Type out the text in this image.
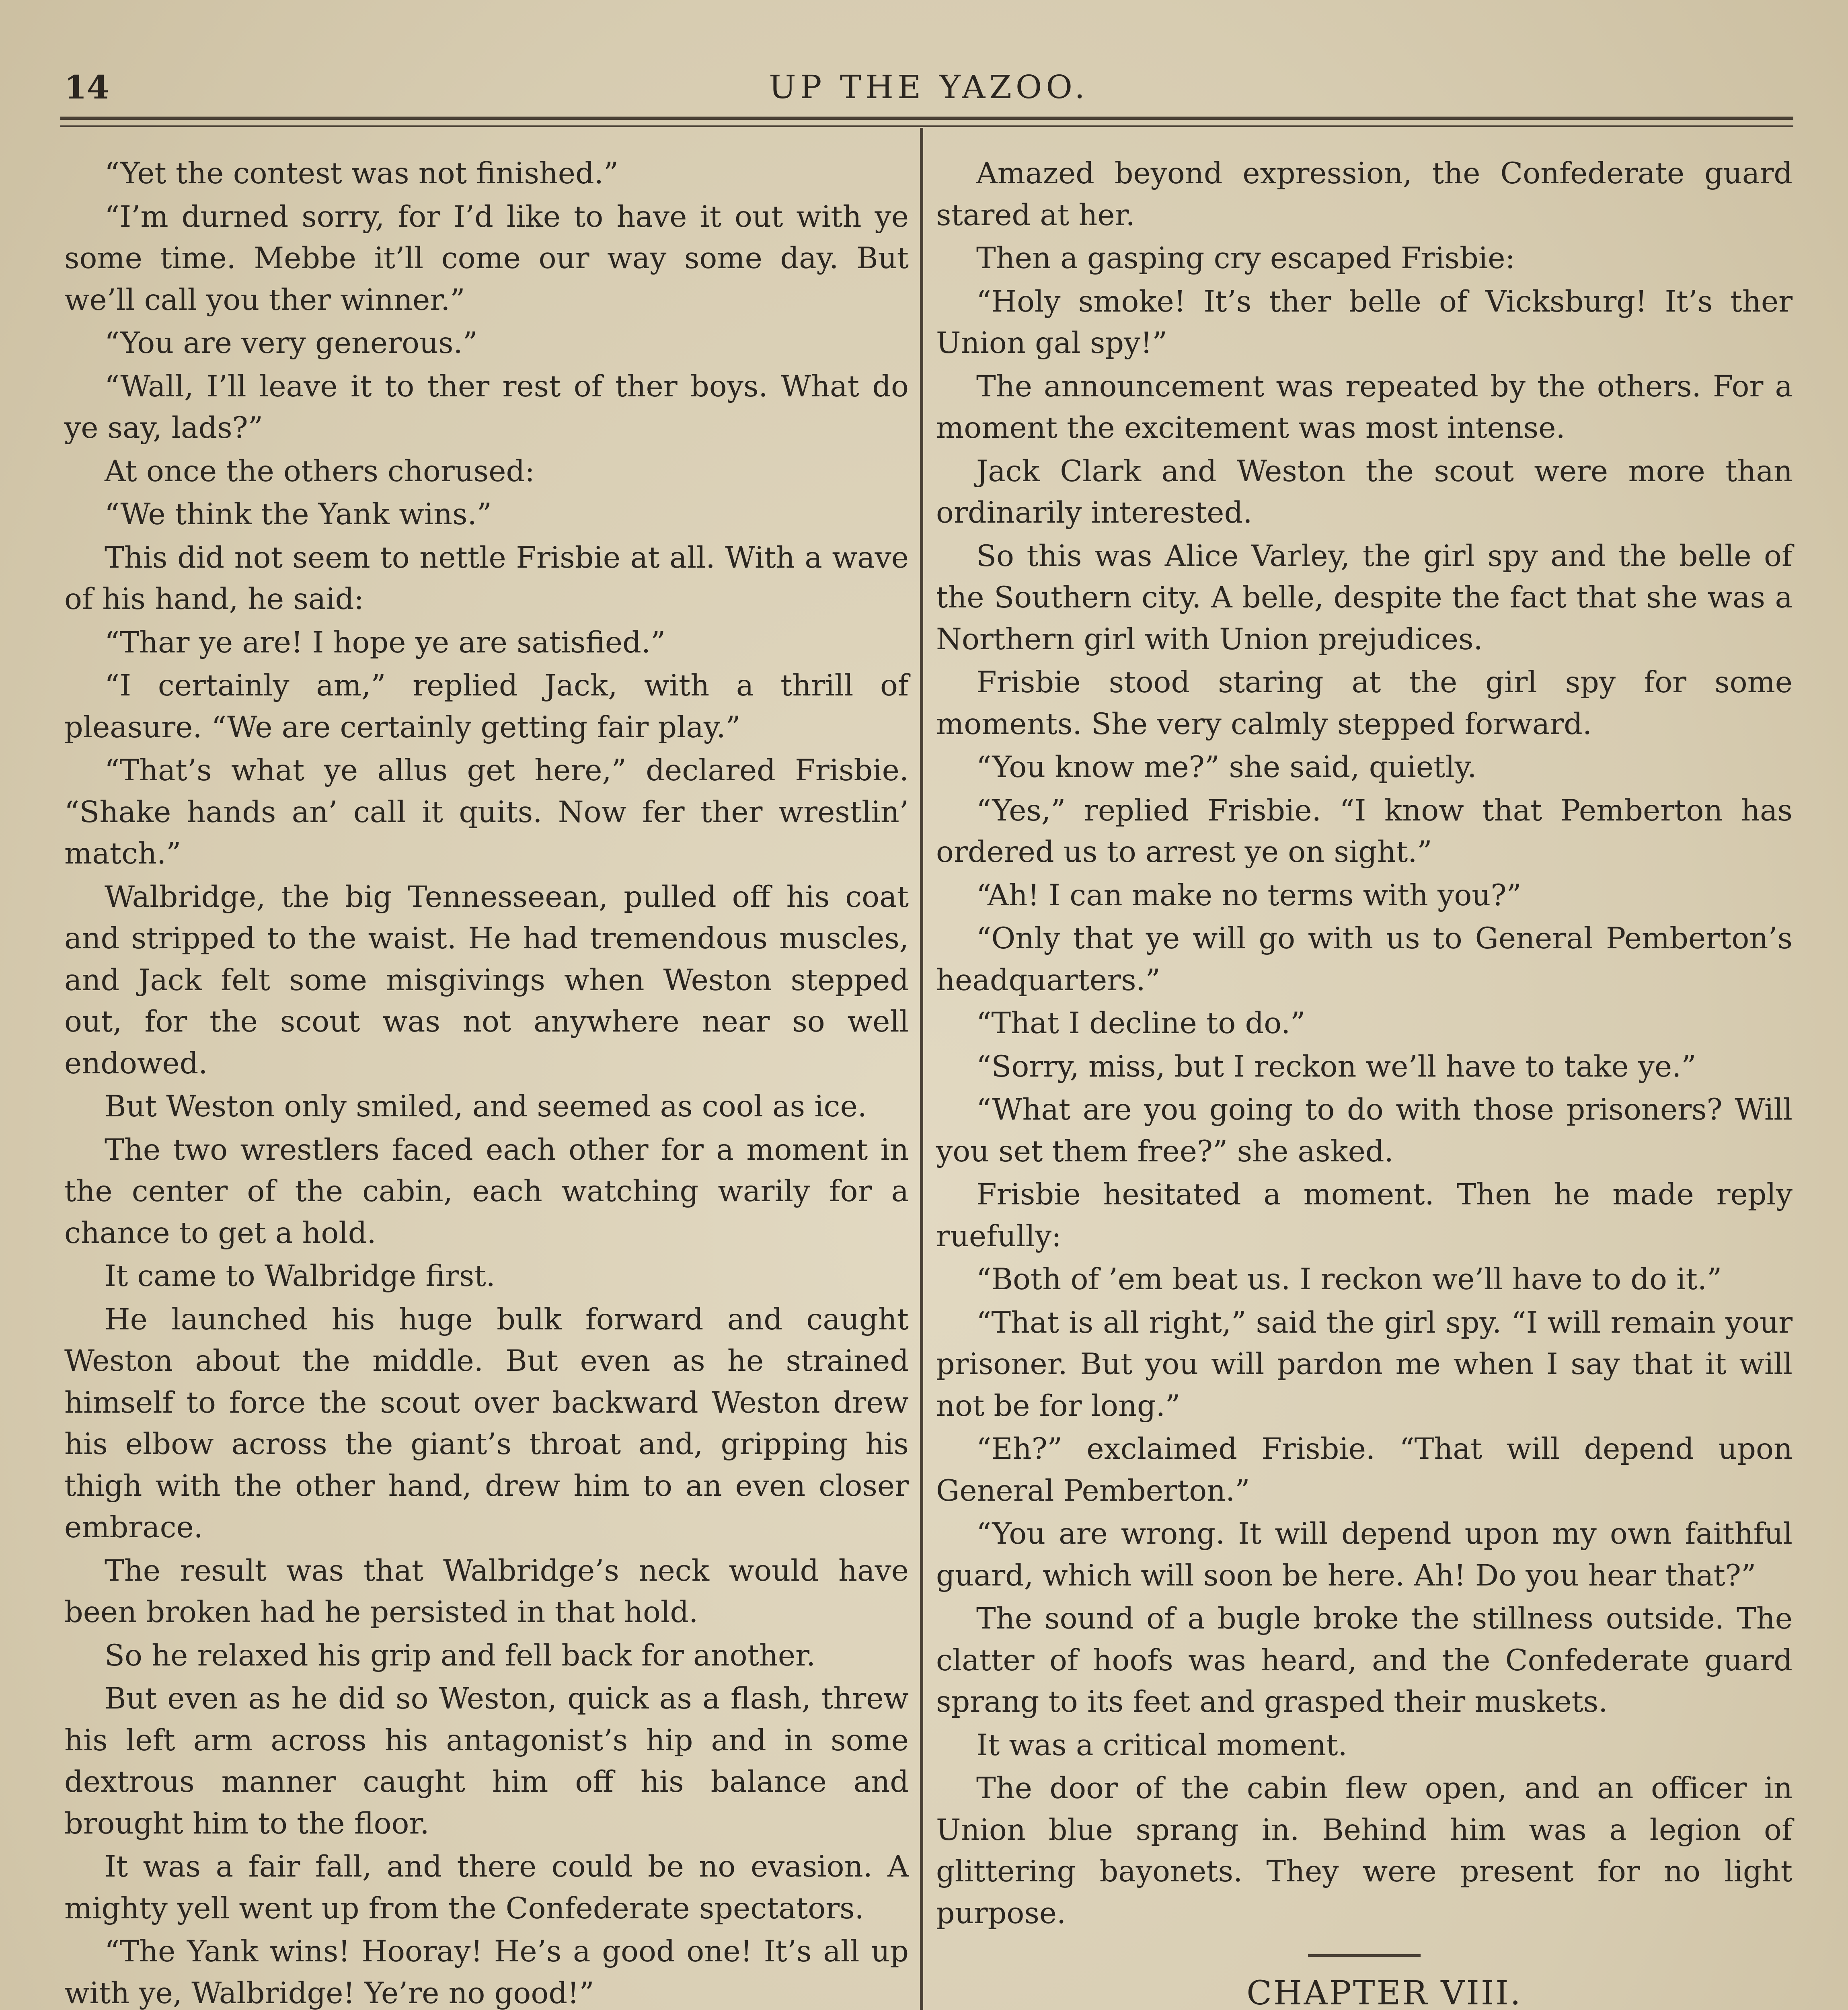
14	UP THE YAZOO.

“Yet the contest was not finished.”

“I’m durned sorry, for I’d like to have it out with ye some time. Mebbe it’ll come our way some day. But we’ll call you ther winner.”

“You are very generous.”

“Wall, I’ll leave it to ther rest of ther boys. What do ye say, lads?”

At once the others chorused:

“We think the Yank wins.”

This did not seem to nettle Frisbie at all. With a wave of his hand, he said:

“Thar ye are! I hope ye are satisfied.”

“I certainly am,” replied Jack, with a thrill of pleasure. “We are certainly getting fair play.”

“That’s what ye allus get here,” declared Frisbie. “Shake hands an’ call it quits. Now fer ther wrestlin’ match.”

Walbridge, the big Tennesseean, pulled off his coat and stripped to the waist. He had tremendous muscles, and Jack felt some misgivings when Weston stepped out, for the scout was not anywhere near so well endowed.

But Weston only smiled, and seemed as cool as ice.

The two wrestlers faced each other for a moment in the center of the cabin, each watching warily for a chance to get a hold.

It came to Walbridge first.

He launched his huge bulk forward and caught Weston about the middle. But even as he strained himself to force the scout over backward Weston drew his elbow across the giant’s throat and, gripping his thigh with the other hand, drew him to an even closer embrace.

The result was that Walbridge’s neck would have been broken had he persisted in that hold.

So he relaxed his grip and fell back for another.

But even as he did so Weston, quick as a flash, threw his left arm across his antagonist’s hip and in some dextrous manner caught him off his balance and brought him to the floor.

It was a fair fall, and there could be no evasion. A mighty yell went up from the Confederate spectators.

“The Yank wins! Hooray! He’s a good one! It’s all up with ye, Walbridge! Ye’re no good!”

Amazed beyond expression, the Confederate guard stared at her.

Then a gasping cry escaped Frisbie:

“Holy smoke! It’s ther belle of Vicksburg! It’s ther Union gal spy!”

The announcement was repeated by the others. For a moment the excitement was most intense.

Jack Clark and Weston the scout were more than ordinarily interested.

So this was Alice Varley, the girl spy and the belle of the Southern city. A belle, despite the fact that she was a Northern girl with Union prejudices.

Frisbie stood staring at the girl spy for some moments. She very calmly stepped forward.

“You know me?” she said, quietly.

“Yes,” replied Frisbie. “I know that Pemberton has ordered us to arrest ye on sight.”

“Ah! I can make no terms with you?”

“Only that ye will go with us to General Pemberton’s headquarters.”

“That I decline to do.”

“Sorry, miss, but I reckon we’ll have to take ye.”

“What are you going to do with those prisoners? Will you set them free?” she asked.

Frisbie hesitated a moment. Then he made reply ruefully:

“Both of ’em beat us. I reckon we’ll have to do it.”

“That is all right,” said the girl spy. “I will remain your prisoner. But you will pardon me when I say that it will not be for long.”

“Eh?” exclaimed Frisbie. “That will depend upon General Pemberton.”

“You are wrong. It will depend upon my own faithful guard, which will soon be here. Ah! Do you hear that?”

The sound of a bugle broke the stillness outside. The clatter of hoofs was heard, and the Confederate guard sprang to its feet and grasped their muskets.

It was a critical moment.

The door of the cabin flew open, and an officer in Union blue sprang in. Behind him was a legion of glittering bayonets. They were present for no light purpose.

CHAPTER VIII.
